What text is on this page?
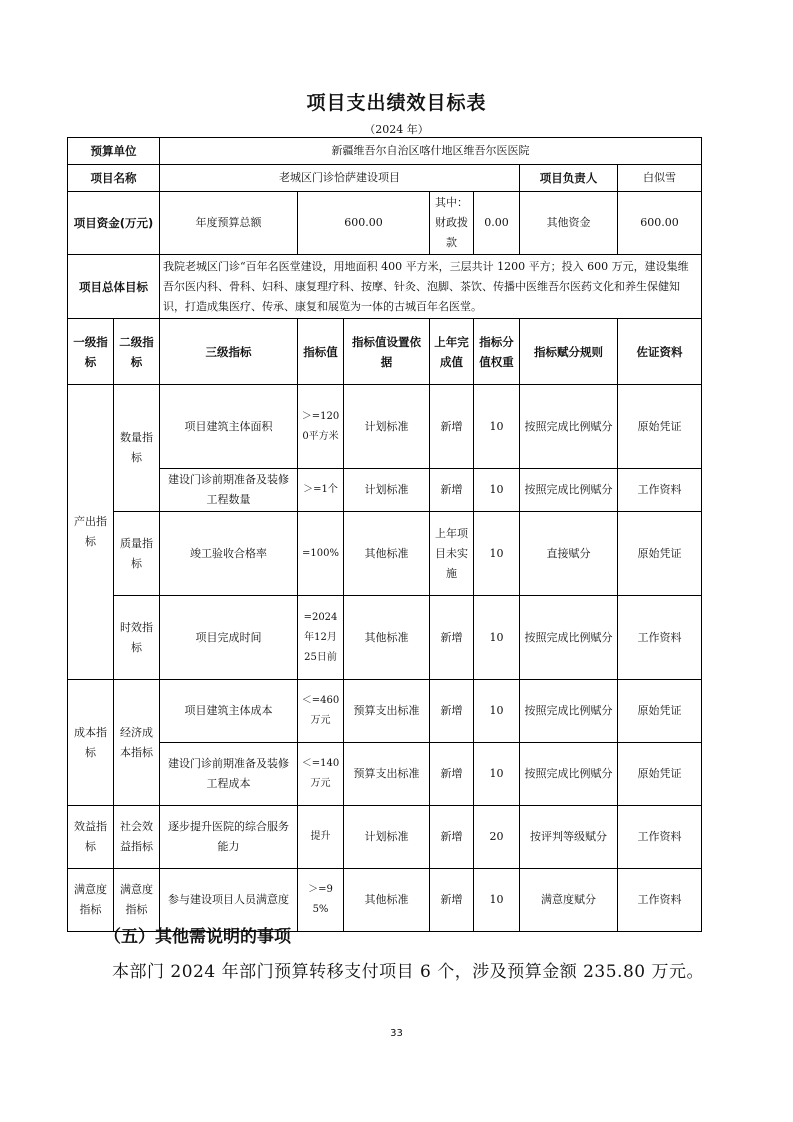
项目支出绩效目标表
（2024 年）
预算单位		新疆维吾尔自治区喀什地区维吾尔医医院						
项目名称		老城区门诊恰萨建设项目					项目负责人	白似雪
项目资金(万元)		年度预算总额	600.00		其中：财政拨款	0.00	其他资金	600.00
项目总体目标		我院老城区门诊“百年名医堂建设，用地面积 400 平方米，三层共计 1200 平方；投入 600 万元，建设集维吾尔医内科、骨科、妇科、康复理疗科、按摩、针灸、泡脚、茶饮、传播中医维吾尔医药文化和养生保健知识，打造成集医疗、传承、康复和展览为一体的古城百年名医堂。						
一级指标	二级指标	三级指标	指标值	指标值设置依据	上年完成值	指标分值权重	指标赋分规则	佐证资料
产出指标	数量指标	项目建筑主体面积	＞=1200平方米	计划标准	新增	10	按照完成比例赋分	原始凭证
		建设门诊前期准备及装修工程数量	＞=1个	计划标准	新增	10	按照完成比例赋分	工作资料
	质量指标	竣工验收合格率	=100%	其他标准	上年项目未实施	10	直接赋分	原始凭证
	时效指标	项目完成时间	=2024年12月25日前	其他标准	新增	10	按照完成比例赋分	工作资料
成本指标	经济成本指标	项目建筑主体成本	＜=460万元	预算支出标准	新增	10	按照完成比例赋分	原始凭证
		建设门诊前期准备及装修工程成本	＜=140万元	预算支出标准	新增	10	按照完成比例赋分	原始凭证
效益指标	社会效益指标	逐步提升医院的综合服务能力	提升	计划标准	新增	20	按评判等级赋分	工作资料
满意度指标	满意度指标	参与建设项目人员满意度	＞=95%	其他标准	新增	10	满意度赋分	工作资料
（五）其他需说明的事项
本部门 2024 年部门预算转移支付项目 6 个，涉及预算金额 235.80 万元。
33
